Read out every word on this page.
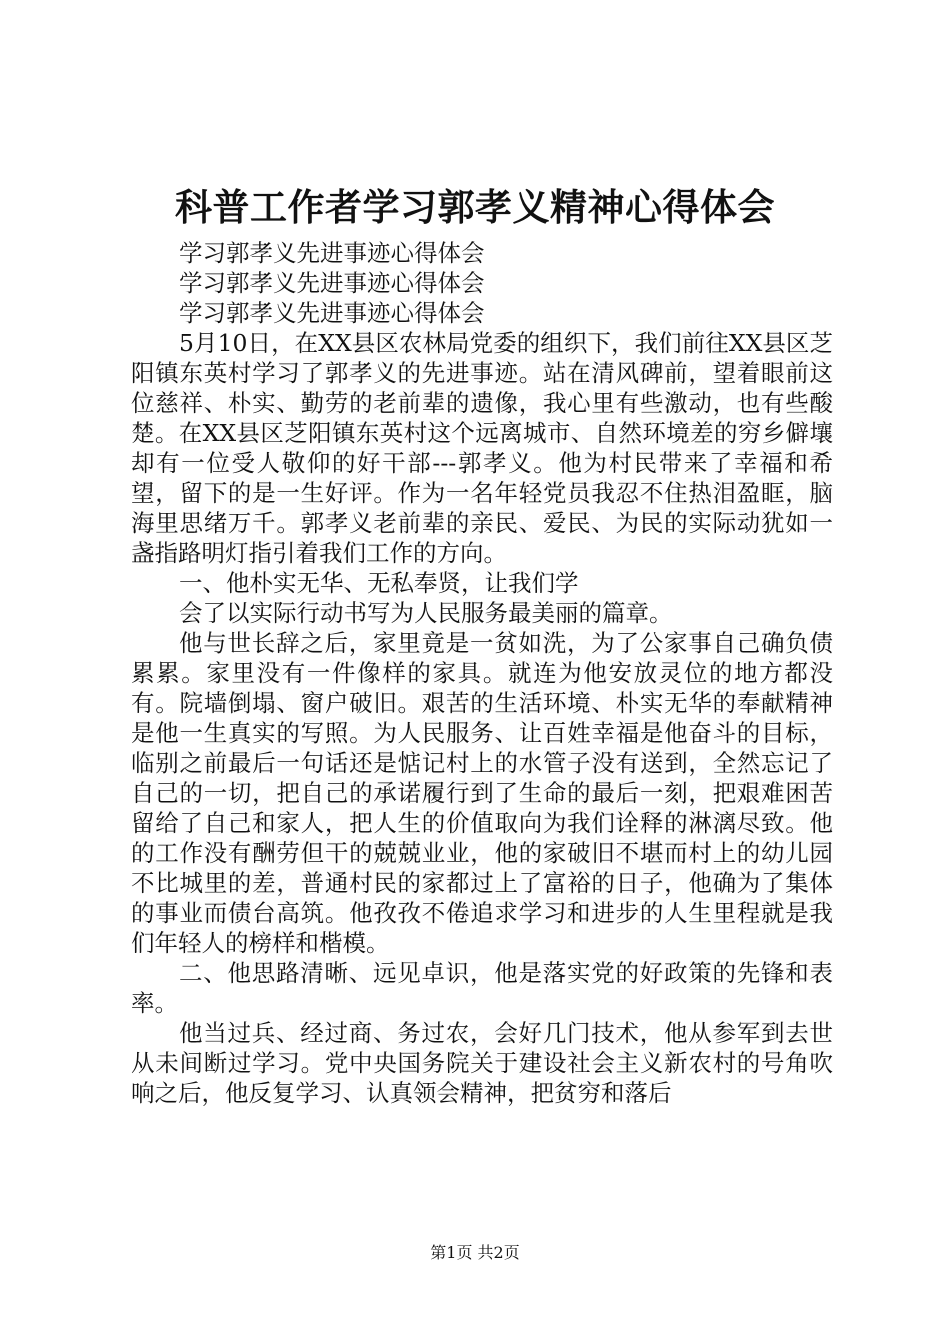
科普工作者学习郭孝义精神心得体会

学习郭孝义先进事迹心得体会

学习郭孝义先进事迹心得体会

学习郭孝义先进事迹心得体会

5月10日，在XX县区农林局党委的组织下，我们前往XX县区芝阳镇东英村学习了郭孝义的先进事迹。站在清风碑前，望着眼前这位慈祥、朴实、勤劳的老前辈的遗像，我心里有些激动，也有些酸楚。在XX县区芝阳镇东英村这个远离城市、自然环境差的穷乡僻壤却有一位受人敬仰的好干部---郭孝义。他为村民带来了幸福和希望，留下的是一生好评。作为一名年轻党员我忍不住热泪盈眶，脑海里思绪万千。郭孝义老前辈的亲民、爱民、为民的实际动犹如一盏指路明灯指引着我们工作的方向。

一、他朴实无华、无私奉贤，让我们学

会了以实际行动书写为人民服务最美丽的篇章。

他与世长辞之后，家里竟是一贫如洗，为了公家事自己确负债累累。家里没有一件像样的家具。就连为他安放灵位的地方都没有。院墙倒塌、窗户破旧。艰苦的生活环境、朴实无华的奉献精神是他一生真实的写照。为人民服务、让百姓幸福是他奋斗的目标，临别之前最后一句话还是惦记村上的水管子没有送到，全然忘记了自己的一切，把自己的承诺履行到了生命的最后一刻，把艰难困苦留给了自己和家人，把人生的价值取向为我们诠释的淋漓尽致。他的工作没有酬劳但干的兢兢业业，他的家破旧不堪而村上的幼儿园不比城里的差，普通村民的家都过上了富裕的日子，他确为了集体的事业而债台高筑。他孜孜不倦追求学习和进步的人生里程就是我们年轻人的榜样和楷模。

二、他思路清晰、远见卓识，他是落实党的好政策的先锋和表率。

他当过兵、经过商、务过农，会好几门技术，他从参军到去世从未间断过学习。党中央国务院关于建设社会主义新农村的号角吹响之后，他反复学习、认真领会精神，把贫穷和落后

第1页 共2页
